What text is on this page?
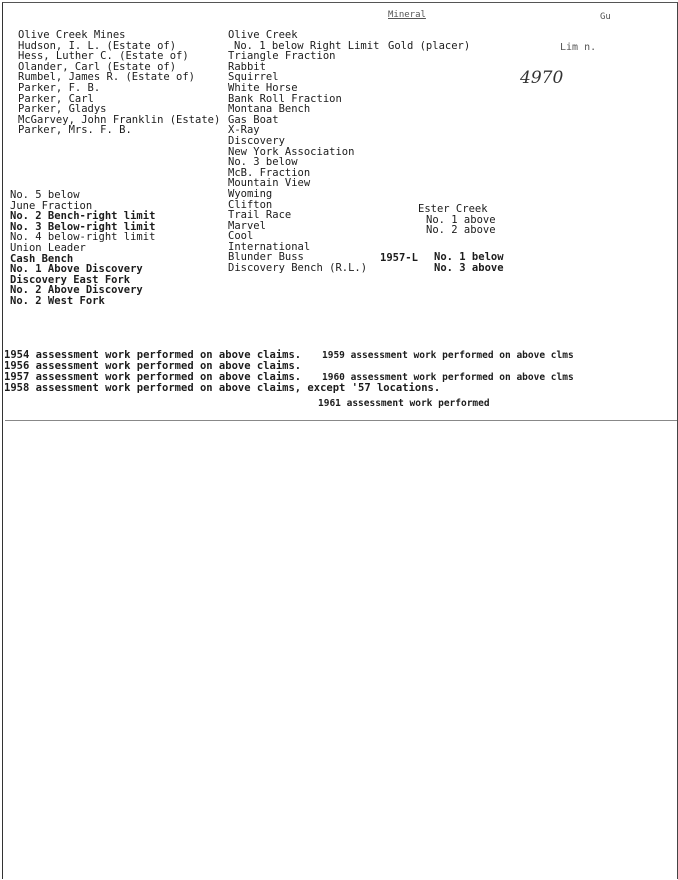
Mineral	Gu
Lim n.
4970
Olive Creek Mines
Hudson, I. L. (Estate of)
Hess, Luther C. (Estate of)
Olander, Carl (Estate of)
Rumbel, James R. (Estate of)
Parker, F. B.
Parker, Carl
Parker, Gladys
McGarvey, John Franklin (Estate)
Parker, Mrs. F. B.
No. 5 below
June Fraction
No. 2 Bench-right limit
No. 3 Below-right limit
No. 4 below-right limit
Union Leader
Cash Bench
No. 1 Above Discovery
Discovery East Fork
No. 2 Above Discovery
No. 2 West Fork
Olive Creek
No. 1 below Right Limit
Triangle Fraction
Rabbit
Squirrel
White Horse
Bank Roll Fraction
Montana Bench
Gas Boat
X-Ray
Discovery
New York Association
No. 3 below
McB. Fraction
Mountain View
Wyoming
Clifton
Trail Race
Marvel
Cool
International
Blunder Buss
Discovery Bench (R.L.)
Gold (placer)
Ester Creek
No. 1 above
No. 2 above
1957-L No. 1 below
No. 3 above
1954 assessment work performed on above claims.
1956 assessment work performed on above claims.
1957 assessment work performed on above claims.
1958 assessment work performed on above claims, except '57 locations.
1959 assessment work performed on above clms
1960 assessment work performed on above clms
1961 assessment work performed
